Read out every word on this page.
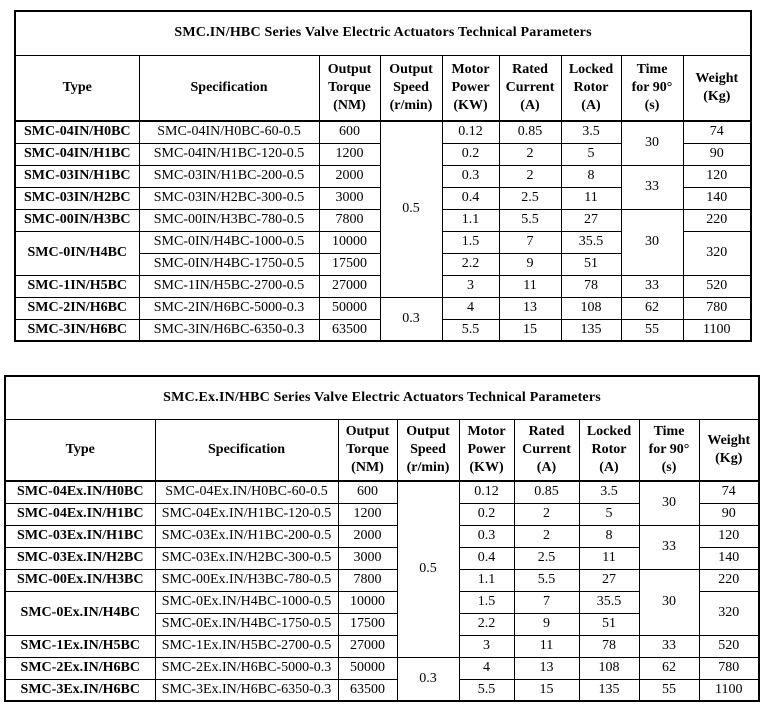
SMC.IN/HBC Series Valve Electric Actuators Technical Parameters								

Type	Specification	Output
Torque
(NM)	Output
Speed
(r/min)	Motor
Power
(KW)	Rated
Current
(A)	Locked
Rotor
(A)	Time
for 90°
(s)	Weight
(Kg)

SMC-04IN/H0BC	SMC-04IN/H0BC-60-0.5	600	0.5	0.12	0.85	3.5	30	74
SMC-04IN/H1BC	SMC-04IN/H1BC-120-0.5	1200		0.2	2	5		90
SMC-03IN/H1BC	SMC-03IN/H1BC-200-0.5	2000		0.3	2	8	33	120
SMC-03IN/H2BC	SMC-03IN/H2BC-300-0.5	3000		0.4	2.5	11		140
SMC-00IN/H3BC	SMC-00IN/H3BC-780-0.5	7800		1.1	5.5	27	30	220
SMC-0IN/H4BC	SMC-0IN/H4BC-1000-0.5	10000		1.5	7	35.5		320
	SMC-0IN/H4BC-1750-0.5	17500		2.2	9	51		
SMC-1IN/H5BC	SMC-1IN/H5BC-2700-0.5	27000		3	11	78	33	520
SMC-2IN/H6BC	SMC-2IN/H6BC-5000-0.3	50000	0.3	4	13	108	62	780
SMC-3IN/H6BC	SMC-3IN/H6BC-6350-0.3	63500		5.5	15	135	55	1100
SMC.Ex.IN/HBC Series Valve Electric Actuators Technical Parameters								

Type	Specification	Output
Torque
(NM)	Output
Speed
(r/min)	Motor
Power
(KW)	Rated
Current
(A)	Locked
Rotor
(A)	Time
for 90°
(s)	Weight
(Kg)

SMC-04Ex.IN/H0BC	SMC-04Ex.IN/H0BC-60-0.5	600	0.5	0.12	0.85	3.5	30	74
SMC-04Ex.IN/H1BC	SMC-04Ex.IN/H1BC-120-0.5	1200		0.2	2	5		90
SMC-03Ex.IN/H1BC	SMC-03Ex.IN/H1BC-200-0.5	2000		0.3	2	8	33	120
SMC-03Ex.IN/H2BC	SMC-03Ex.IN/H2BC-300-0.5	3000		0.4	2.5	11		140
SMC-00Ex.IN/H3BC	SMC-00Ex.IN/H3BC-780-0.5	7800		1.1	5.5	27	30	220
SMC-0Ex.IN/H4BC	SMC-0Ex.IN/H4BC-1000-0.5	10000		1.5	7	35.5		320
	SMC-0Ex.IN/H4BC-1750-0.5	17500		2.2	9	51		
SMC-1Ex.IN/H5BC	SMC-1Ex.IN/H5BC-2700-0.5	27000		3	11	78	33	520
SMC-2Ex.IN/H6BC	SMC-2Ex.IN/H6BC-5000-0.3	50000	0.3	4	13	108	62	780
SMC-3Ex.IN/H6BC	SMC-3Ex.IN/H6BC-6350-0.3	63500		5.5	15	135	55	1100
